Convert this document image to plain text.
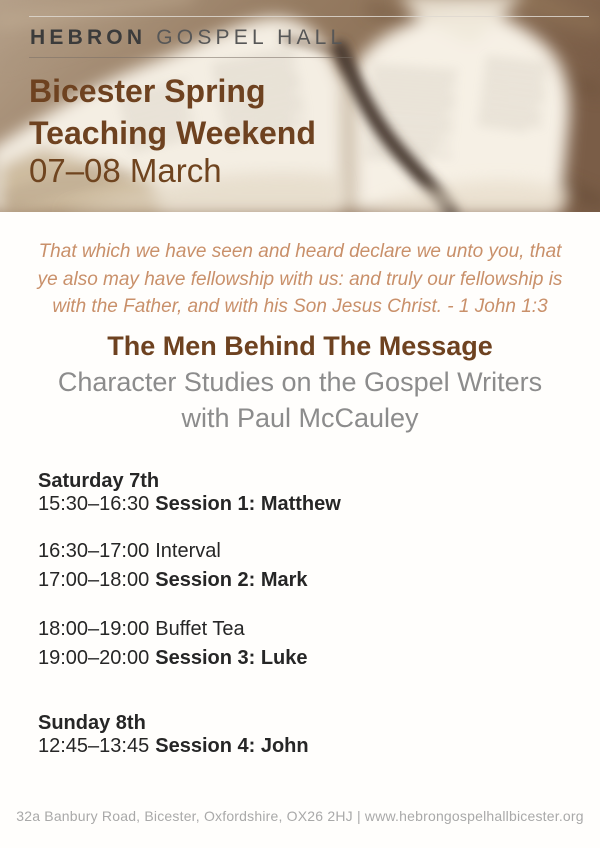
HEBRON GOSPEL HALL
Bicester Spring
Teaching Weekend
07–08 March
That which we have seen and heard declare we unto you, that
ye also may have fellowship with us: and truly our fellowship is
with the Father, and with his Son Jesus Christ. - 1 John 1:3
The Men Behind The Message
Character Studies on the Gospel Writers
with Paul McCauley
Saturday 7th
15:30–16:30 Session 1: Matthew
16:30–17:00 Interval
17:00–18:00 Session 2: Mark
18:00–19:00 Buffet Tea
19:00–20:00 Session 3: Luke
Sunday 8th
12:45–13:45 Session 4: John
32a Banbury Road, Bicester, Oxfordshire, OX26 2HJ | www.hebrongospelhallbicester.org
